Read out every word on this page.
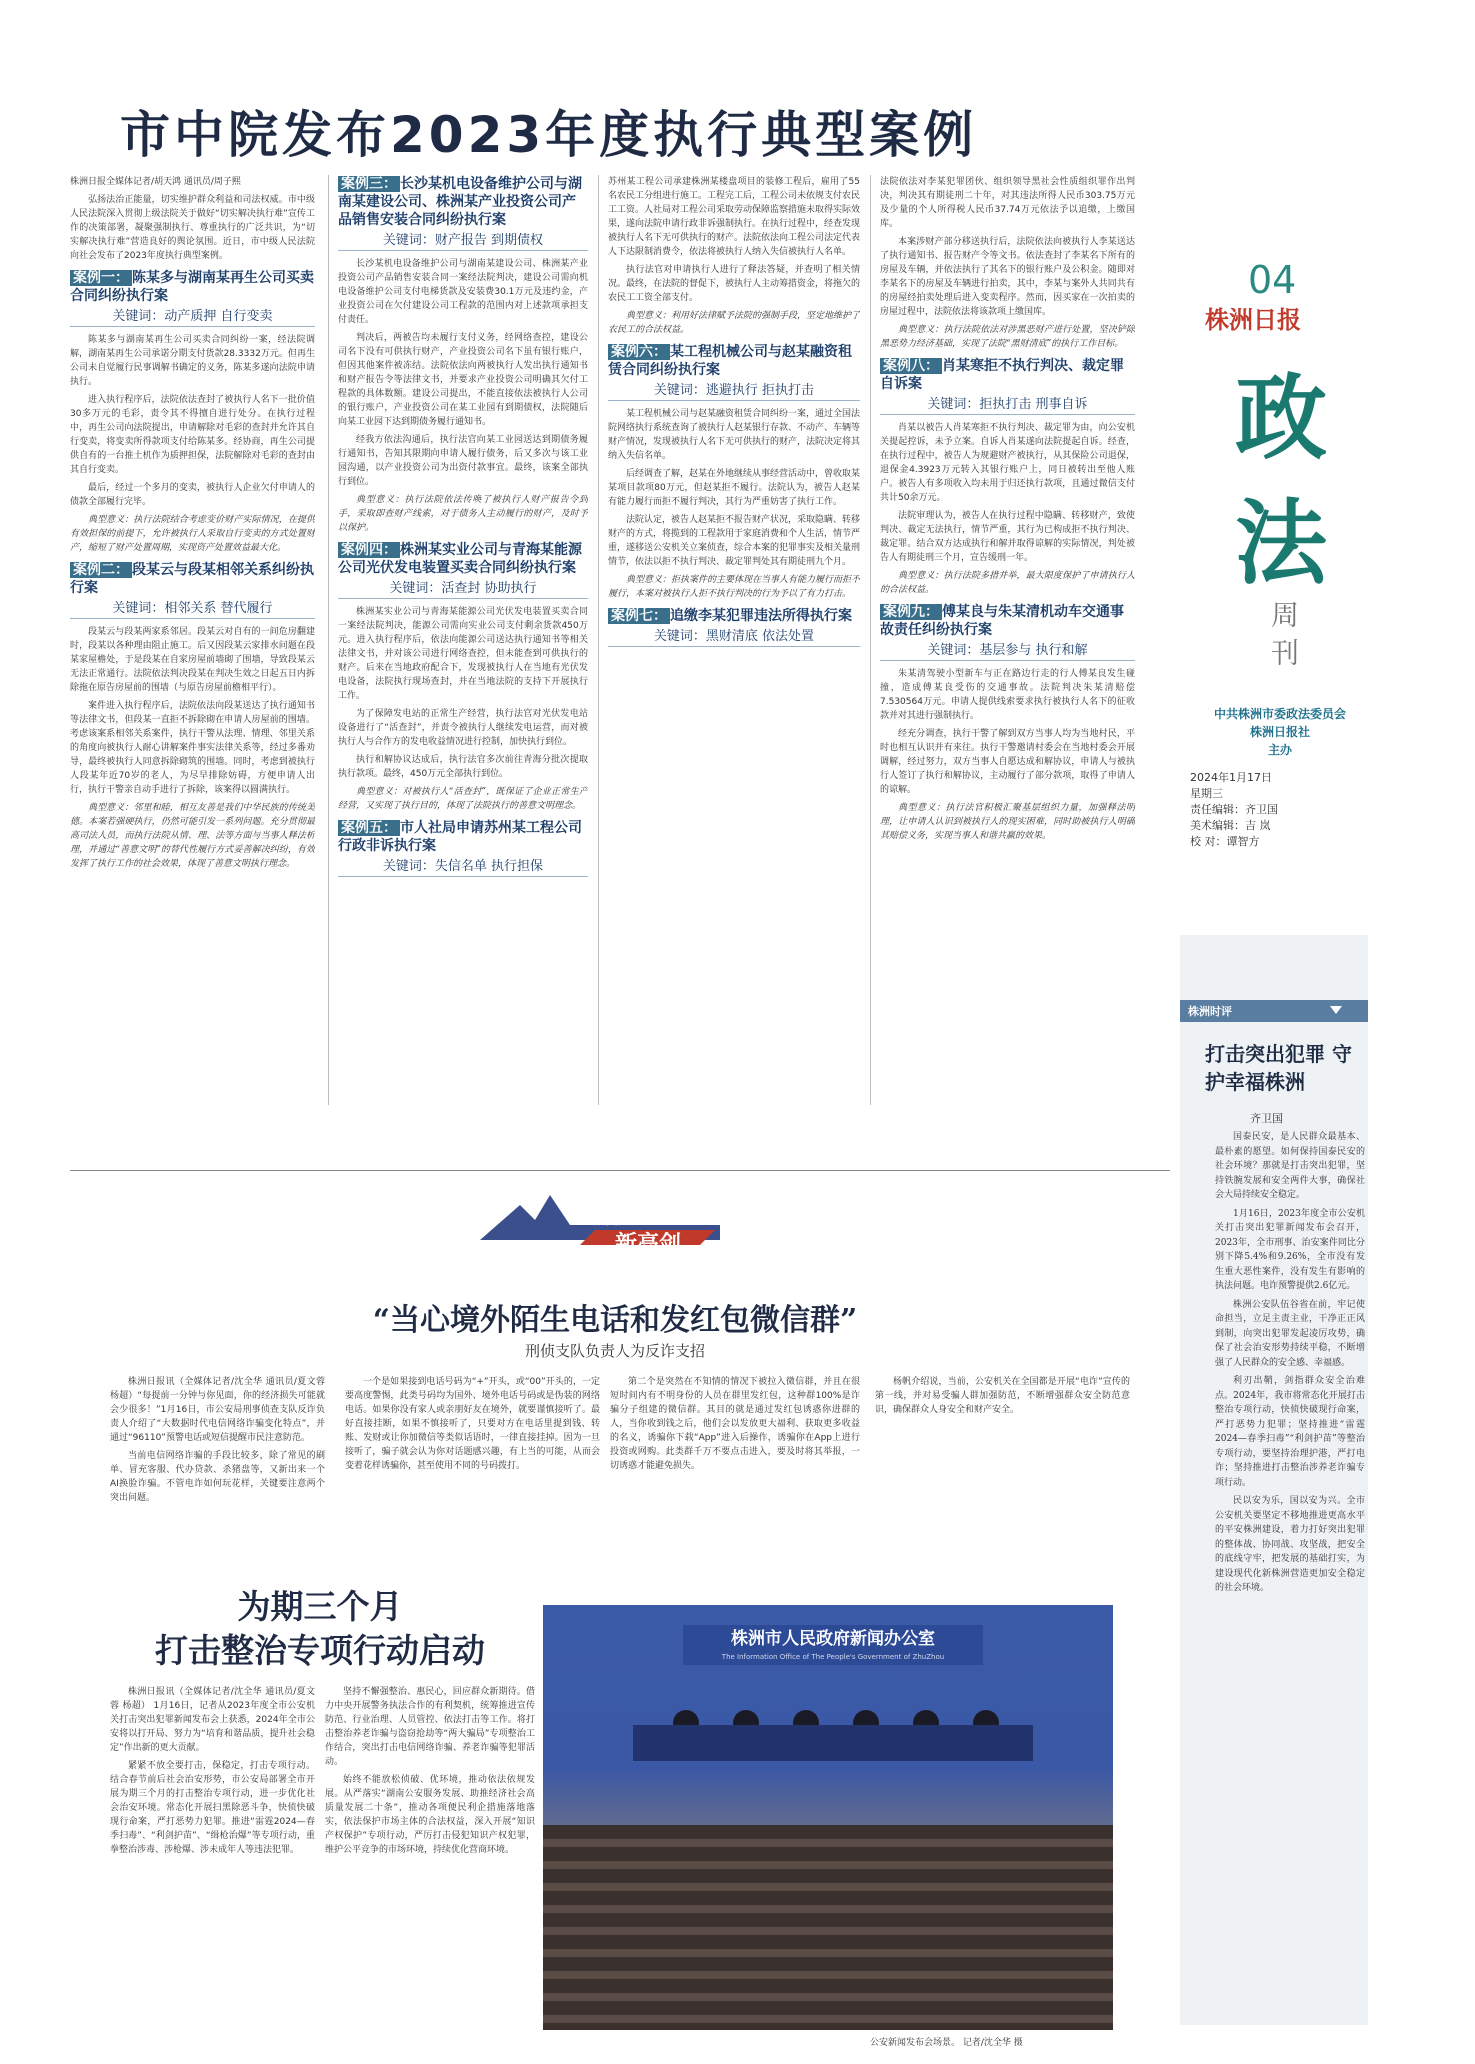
市中院发布2023年度执行典型案例

株洲日报全媒体记者/胡天鸿 通讯员/周子熙

弘扬法治正能量，切实维护群众利益和司法权威。市中级人民法院深入贯彻上级法院关于做好“切实解决执行难”宣传工作的决策部署，凝聚强制执行、尊重执行的广泛共识，为“切实解决执行难”营造良好的舆论氛围。近日，市中级人民法院向社会发布了2023年度执行典型案例。

案例一： 陈某多与湖南某再生公司买卖合同纠纷执行案
关键词：动产质押 自行变卖

陈某多与湖南某再生公司买卖合同纠纷一案，经法院调解，湖南某再生公司承诺分期支付货款28.3332万元。但再生公司未自觉履行民事调解书确定的义务，陈某多遂向法院申请执行。

进入执行程序后，法院依法查封了被执行人名下一批价值30多万元的毛彩，责令其不得擅自进行处分。在执行过程中，再生公司向法院提出，申请解除对毛彩的查封并允许其自行变卖，将变卖所得款项支付给陈某多。经协商，再生公司提供自有的一台推土机作为质押担保，法院解除对毛彩的查封由其自行变卖。

最后，经过一个多月的变卖，被执行人企业欠付申请人的债款全部履行完毕。

典型意义：执行法院结合考虑变价财产实际情况，在提供有效担保的前提下，允许被执行人采取自行变卖的方式处置财产，缩短了财产处置周期，实现资产处置效益最大化。

案例二： 段某云与段某相邻关系纠纷执行案
关键词：相邻关系 替代履行

段某云与段某两家系邻居。段某云对自有的一间危房翻建时，段某以各种理由阻止施工。后又因段某云家排水问题在段某家屋檐处，于是段某在自家房屋前墙砌了围墙，导致段某云无法正常通行。法院依法判决段某在判决生效之日起五日内拆除拖在原告房屋前的围墙（与原告房屋前檐相平行）。

案件进入执行程序后，法院依法向段某送达了执行通知书等法律文书，但段某一直拒不拆除砌在申请人房屋前的围墙。考虑该案系相邻关系案件，执行干警从法理、情理、邻里关系的角度向被执行人耐心讲解案件事实法律关系等，经过多番劝导，最终被执行人同意拆除砌筑的围墙。同时，考虑到被执行人段某年近70岁的老人，为尽早排除妨碍，方便申请人出行，执行干警亲自动手进行了拆除，该案得以圆满执行。

典型意义：邻里和睦，相互友善是我们中华民族的传统美德。本案若强硬执行，仍然可能引发一系列问题。充分贯彻最高司法人员，而执行法院从情、理、法等方面与当事人释法析理，并通过“善意文明”的替代性履行方式妥善解决纠纷，有效发挥了执行工作的社会效果，体现了善意文明执行理念。

案例三： 长沙某机电设备维护公司与湖南某建设公司、株洲某产业投资公司产品销售安装合同纠纷执行案
关键词：财产报告 到期债权

长沙某机电设备维护公司与湖南某建设公司、株洲某产业投资公司产品销售安装合同一案经法院判决，建设公司需向机电设备维护公司支付电梯货款及安装费30.1万元及违约金，产业投资公司在欠付建设公司工程款的范围内对上述款项承担支付责任。

判决后，两被告均未履行支付义务，经网络查控，建设公司名下没有可供执行财产，产业投资公司名下虽有银行账户，但因其他案件被冻结。法院依法向两被执行人发出执行通知书和财产报告令等法律文书，并要求产业投资公司明确其欠付工程款的具体数额。建设公司提出，不能直接依法被执行人公司的银行账户，产业投资公司在某工业园有到期债权，法院随后向某工业园下达到期债务履行通知书。

经我方依法沟通后，执行法官向某工业园送达到期债务履行通知书，告知其限期向申请人履行债务，后又多次与该工业园沟通，以产业投资公司为出资付款事宜。最终，该案全部执行到位。

典型意义：执行法院依法传唤了被执行人财产报告令到手，采取即查财产线索，对于债务人主动履行的财产，及时予以保护。

案例四： 株洲某实业公司与青海某能源公司光伏发电装置买卖合同纠纷执行案
关键词：活查封 协助执行

株洲某实业公司与青海某能源公司光伏发电装置买卖合同一案经法院判决，能源公司需向实业公司支付剩余货款450万元。进入执行程序后，依法向能源公司送达执行通知书等相关法律文书，并对该公司进行网络查控，但未能查到可供执行的财产。后来在当地政府配合下，发现被执行人在当地有光伏发电设备，法院执行现场查封，并在当地法院的支持下开展执行工作。

为了保障发电站的正常生产经营，执行法官对光伏发电站设备进行了“活查封”，并责令被执行人继续发电运营，而对被执行人与合作方的发电收益情况进行控制，加快执行到位。

执行和解协议达成后，执行法官多次前往青海分批次提取执行款项。最终，450万元全部执行到位。

典型意义：对被执行人“活查封”，既保证了企业正常生产经营，又实现了执行目的，体现了法院执行的善意文明理念。

案例五： 市人社局申请苏州某工程公司行政非诉执行案
关键词：失信名单 执行担保

苏州某工程公司承建株洲某楼盘项目的装修工程后，雇用了55名农民工分组进行施工。工程完工后，工程公司未依规支付农民工工资。人社局对工程公司采取劳动保障监察措施未取得实际效果，遂向法院申请行政非诉强制执行。在执行过程中，经查发现被执行人名下无可供执行的财产。法院依法向工程公司法定代表人下达限制消费令，依法将被执行人纳入失信被执行人名单。

执行法官对申请执行人进行了释法答疑，并查明了相关情况。最终，在法院的督促下，被执行人主动筹措资金，将拖欠的农民工工资全部支付。

典型意义：利用好法律赋予法院的强制手段，坚定地维护了农民工的合法权益。

案例六： 某工程机械公司与赵某融资租赁合同纠纷执行案
关键词：逃避执行 拒执打击

某工程机械公司与赵某融资租赁合同纠纷一案，通过全国法院网络执行系统查询了被执行人赵某银行存款、不动产、车辆等财产情况，发现被执行人名下无可供执行的财产，法院决定将其纳入失信名单。

后经调查了解，赵某在外地继续从事经营活动中，曾收取某某项目款项80万元，但赵某拒不履行。法院认为，被告人赵某有能力履行而拒不履行判决，其行为严重妨害了执行工作。

法院认定，被告人赵某拒不报告财产状况，采取隐瞒、转移财产的方式，将揽到的工程款用于家庭消费和个人生活，情节严重，遂移送公安机关立案侦查，综合本案的犯罪事实及相关量刑情节，依法以拒不执行判决、裁定罪判处其有期徒刑九个月。

典型意义：拒执案件的主要体现在当事人有能力履行而拒不履行，本案对被执行人拒不执行判决的行为予以了有力打击。

案例七： 追缴李某犯罪违法所得执行案
关键词：黑财清底 依法处置

法院依法对李某犯罪团伙、组织领导黑社会性质组织罪作出判决，判决其有期徒刑二十年，对其违法所得人民币303.75万元及少量的个人所得税人民币37.74万元依法予以追缴，上缴国库。

本案涉财产部分移送执行后，法院依法向被执行人李某送达了执行通知书、报告财产令等文书。依法查封了李某名下所有的房屋及车辆，并依法执行了其名下的银行账户及公积金。随即对李某名下的房屋及车辆进行拍卖，其中，李某与案外人共同共有的房屋经拍卖处理后进入变卖程序。然而，因买家在一次拍卖的房屋过程中，法院依法将该款项上缴国库。

典型意义：执行法院依法对涉黑恶财产进行处置，坚决铲除黑恶势力经济基础，实现了法院“黑财清底”的执行工作目标。

案例八： 肖某寒拒不执行判决、裁定罪自诉案
关键词：拒执打击 刑事自诉

肖某以被告人肖某寒拒不执行判决、裁定罪为由，向公安机关提起控诉，未予立案。自诉人肖某遂向法院提起自诉。经查，在执行过程中，被告人为规避财产被执行，从其保险公司退保，退保金4.3923万元转入其银行账户上，同日被转出至他人账户。被告人有多项收入均未用于归还执行款项，且通过微信支付共计50余万元。

法院审理认为，被告人在执行过程中隐瞒、转移财产，致使判决、裁定无法执行，情节严重，其行为已构成拒不执行判决、裁定罪。结合双方达成执行和解并取得谅解的实际情况，判处被告人有期徒刑三个月，宣告缓刑一年。

典型意义：执行法院多措并举，最大限度保护了申请执行人的合法权益。

案例九： 傅某良与朱某清机动车交通事故责任纠纷执行案
关键词：基层参与 执行和解

朱某清驾驶小型新车与正在路边行走的行人傅某良发生碰撞，造成傅某良受伤的交通事故。法院判决朱某清赔偿7.530564万元。申请人提供线索要求执行被执行人名下的征收款并对其进行强制执行。

经充分调查，执行干警了解到双方当事人均为当地村民，平时也相互认识并有来往。执行干警邀请村委会在当地村委会开展调解，经过努力，双方当事人自愿达成和解协议，申请人与被执行人签订了执行和解协议，主动履行了部分款项，取得了申请人的谅解。

典型意义：执行法官积极汇聚基层组织力量，加强释法明理，让申请人认识到被执行人的现实困难，同时助被执行人明确其赔偿义务，实现当事人和谐共赢的效果。

04
株洲日报
政
法
周刊
中共株洲市委政法委员会
株洲日报社
主办
2024年1月17日
星期三
责任编辑：齐卫国
美术编辑：吉 岚
校 对：谭智方
株洲时评
打击突出犯罪 守护幸福株洲
齐卫国

国泰民安，是人民群众最基本、最朴素的愿望。如何保持国泰民安的社会环境？那就是打击突出犯罪，坚持铁腕发展和安全两件大事，确保社会大局持续安全稳定。

1月16日，2023年度全市公安机关打击突出犯罪新闻发布会召开，2023年，全市刑事、治安案件同比分别下降5.4%和9.26%，全市没有发生重大恶性案件，没有发生有影响的执法问题。电诈预警提供2.6亿元。

株洲公安队伍谷省在前，牢记使命担当，立足主责主业，干净正正风到制，向突出犯罪发起凌厉攻势，确保了社会治安形势持续平稳，不断增强了人民群众的安全感、幸福感。

利刃出鞘，剑指群众安全治难点。2024年，我市将常态化开展打击整治专项行动，快侦快破现行命案，严打恶势力犯罪；坚持推进“雷霆2024—春季扫毒”“利剑护苗”等整治专项行动，要坚持治理护港，严打电诈；坚持推进打击整治涉养老诈骗专项行动。

民以安为乐，国以安为兴。全市公安机关要坚定不移地推进更高水平的平安株洲建设，着力打好突出犯罪的整体战、协同战、攻坚战，把安全的底线守牢，把发展的基础打实，为建设现代化新株洲营造更加安全稳定的社会环境。

新侦途
新亮剑
“当心境外陌生电话和发红包微信群”
刑侦支队负责人为反诈支招

株洲日报讯（全媒体记者/沈全华 通讯员/夏文蓉 杨超）“每提前一分钟与你见面，你的经济损失可能就会少很多！”1月16日，市公安局刑事侦查支队反诈负责人介绍了“大数据时代电信网络诈骗变化特点”，并通过“96110”预警电话或短信提醒市民注意防范。

当前电信网络诈骗的手段比较多，除了常见的刷单、冒充客服、代办贷款、杀猪盘等，又新出来一个AI换脸诈骗。不管电诈如何玩花样，关键要注意两个突出问题。

一个是如果接到电话号码为“+”开头，或“00”开头的，一定要高度警惕，此类号码均为国外、境外电话号码或是伪装的网络电话。如果你没有家人或亲朋好友在境外，就要谨慎接听了。最好直接挂断，如果不慎接听了，只要对方在电话里提到钱、转账、发财或让你加微信等类似话语时，一律直接挂掉。因为一旦接听了，骗子就会认为你对话题感兴趣，有上当的可能，从而会变着花样诱骗你，甚至使用不同的号码拨打。

第二个是突然在不知情的情况下被拉入微信群，并且在很短时间内有不明身份的人员在群里发红包，这种群100%是诈骗分子组建的微信群。其目的就是通过发红包诱惑你进群的人，当你收到钱之后，他们会以发放更大福利、获取更多收益的名义，诱骗你下载“App”进入后操作，诱骗你在App上进行投资或网购。此类群千万不要点击进入，要及时将其举报，一切诱惑才能避免损失。

杨帆介绍说，当前，公安机关在全国都是开展“电诈”宣传的第一线，并对易受骗人群加强防范，不断增强群众安全防范意识，确保群众人身安全和财产安全。

为期三个月
打击整治专项行动启动

株洲日报讯（全媒体记者/沈全华 通讯员/夏文蓉 杨超） 1月16日，记者从2023年度全市公安机关打击突出犯罪新闻发布会上获悉，2024年全市公安将以打开局、努力为“培育和谐品质，提升社会稳定”作出新的更大贡献。

紧紧不放全要打击，保稳定，打击专项行动。结合春节前后社会治安形势，市公安局部署全市开展为期三个月的打击整治专项行动，进一步优化社会治安环境。常态化开展扫黑除恶斗争，快侦快破现行命案，严打恶势力犯罪。推进“雷霆2024—春季扫毒”、“利剑护苗”、“缉枪治爆”等专项行动，重拳整治涉毒、涉枪爆、涉未成年人等违法犯罪。

坚持不懈强整治、惠民心，回应群众新期待。借力中央开展警务执法合作的有利契机，统筹推进宣传防范、行业治理、人员管控、依法打击等工作。将打击整治养老诈骗与盗窃抢劫等“两大骗局”专项整治工作结合，突出打击电信网络诈骗、养老诈骗等犯罪活动。

始终不能放松侦破、优环境，推动依法依规发展。从严落实“湖南公安服务发展、助推经济社会高质量发展二十条”，推动各项便民利企措施落地落实，依法保护市场主体的合法权益，深入开展“知识产权保护”专项行动，严厉打击侵犯知识产权犯罪，维护公平竞争的市场环境，持续优化营商环境。

株洲市人民政府新闻办公室
The Information Office of The People's Government of ZhuZhou
公安新闻发布会场景。 记者/沈全华 摄
